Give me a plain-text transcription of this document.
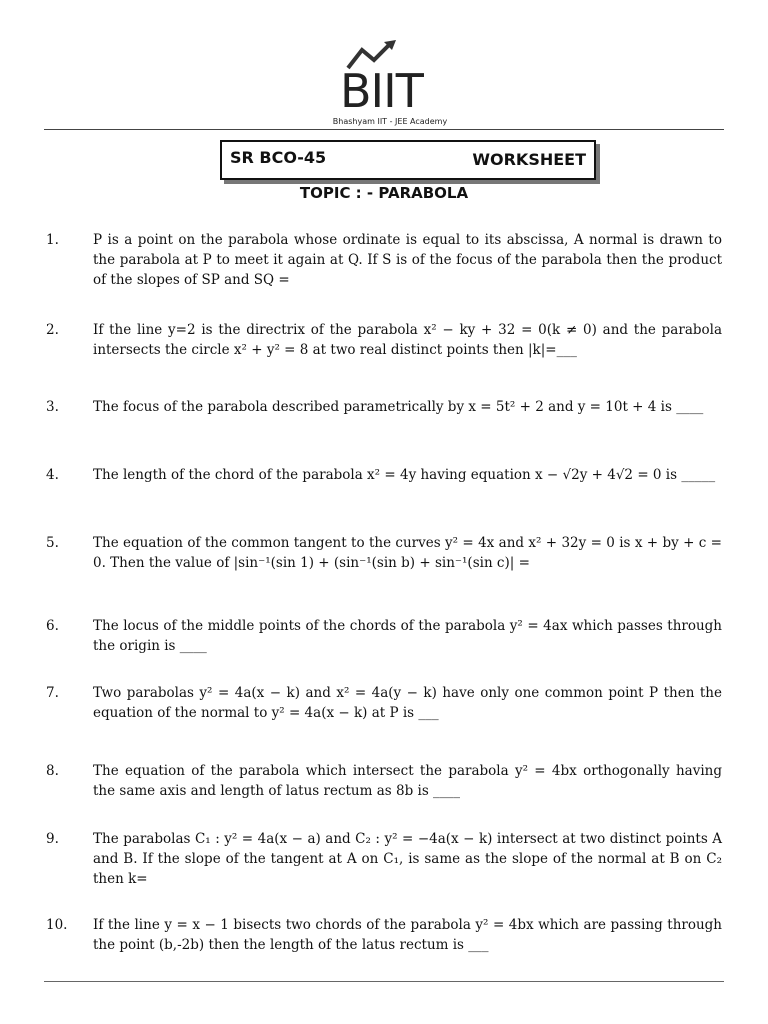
BIIT
Bhashyam IIT - JEE Academy
SR BCO-45	WORKSHEET
TOPIC : - PARABOLA
1.	P is a point on the parabola whose ordinate is equal to its abscissa, A normal is drawn to the parabola at P to meet it again at Q. If S is of the focus of the parabola then the product of the slopes of SP and SQ =
2.	If the line y=2 is the directrix of the parabola x² − ky + 32 = 0(k ≠ 0) and the parabola intersects the circle x² + y² = 8 at two real distinct points then |k|=___
3.	The focus of the parabola described parametrically by x = 5t² + 2 and y = 10t + 4 is ____
4.	The length of the chord of the parabola x² = 4y having equation x − √2y + 4√2 = 0 is _____
5.	The equation of the common tangent to the curves y² = 4x and x² + 32y = 0 is x + by + c = 0. Then the value of |sin⁻¹(sin 1) + (sin⁻¹(sin b) + sin⁻¹(sin c)| =
6.	The locus of the middle points of the chords of the parabola y² = 4ax which passes through the origin is ____
7.	Two parabolas y² = 4a(x − k) and x² = 4a(y − k) have only one common point P then the equation of the normal to y² = 4a(x − k) at P is ___
8.	The equation of the parabola which intersect the parabola y² = 4bx orthogonally having the same axis and length of latus rectum as 8b is ____
9.	The parabolas C₁ : y² = 4a(x − a) and C₂ : y² = −4a(x − k) intersect at two distinct points A and B. If the slope of the tangent at A on C₁, is same as the slope of the normal at B on C₂ then k=
10.	If the line y = x − 1 bisects two chords of the parabola y² = 4bx which are passing through the point (b,-2b) then the length of the latus rectum is ___
